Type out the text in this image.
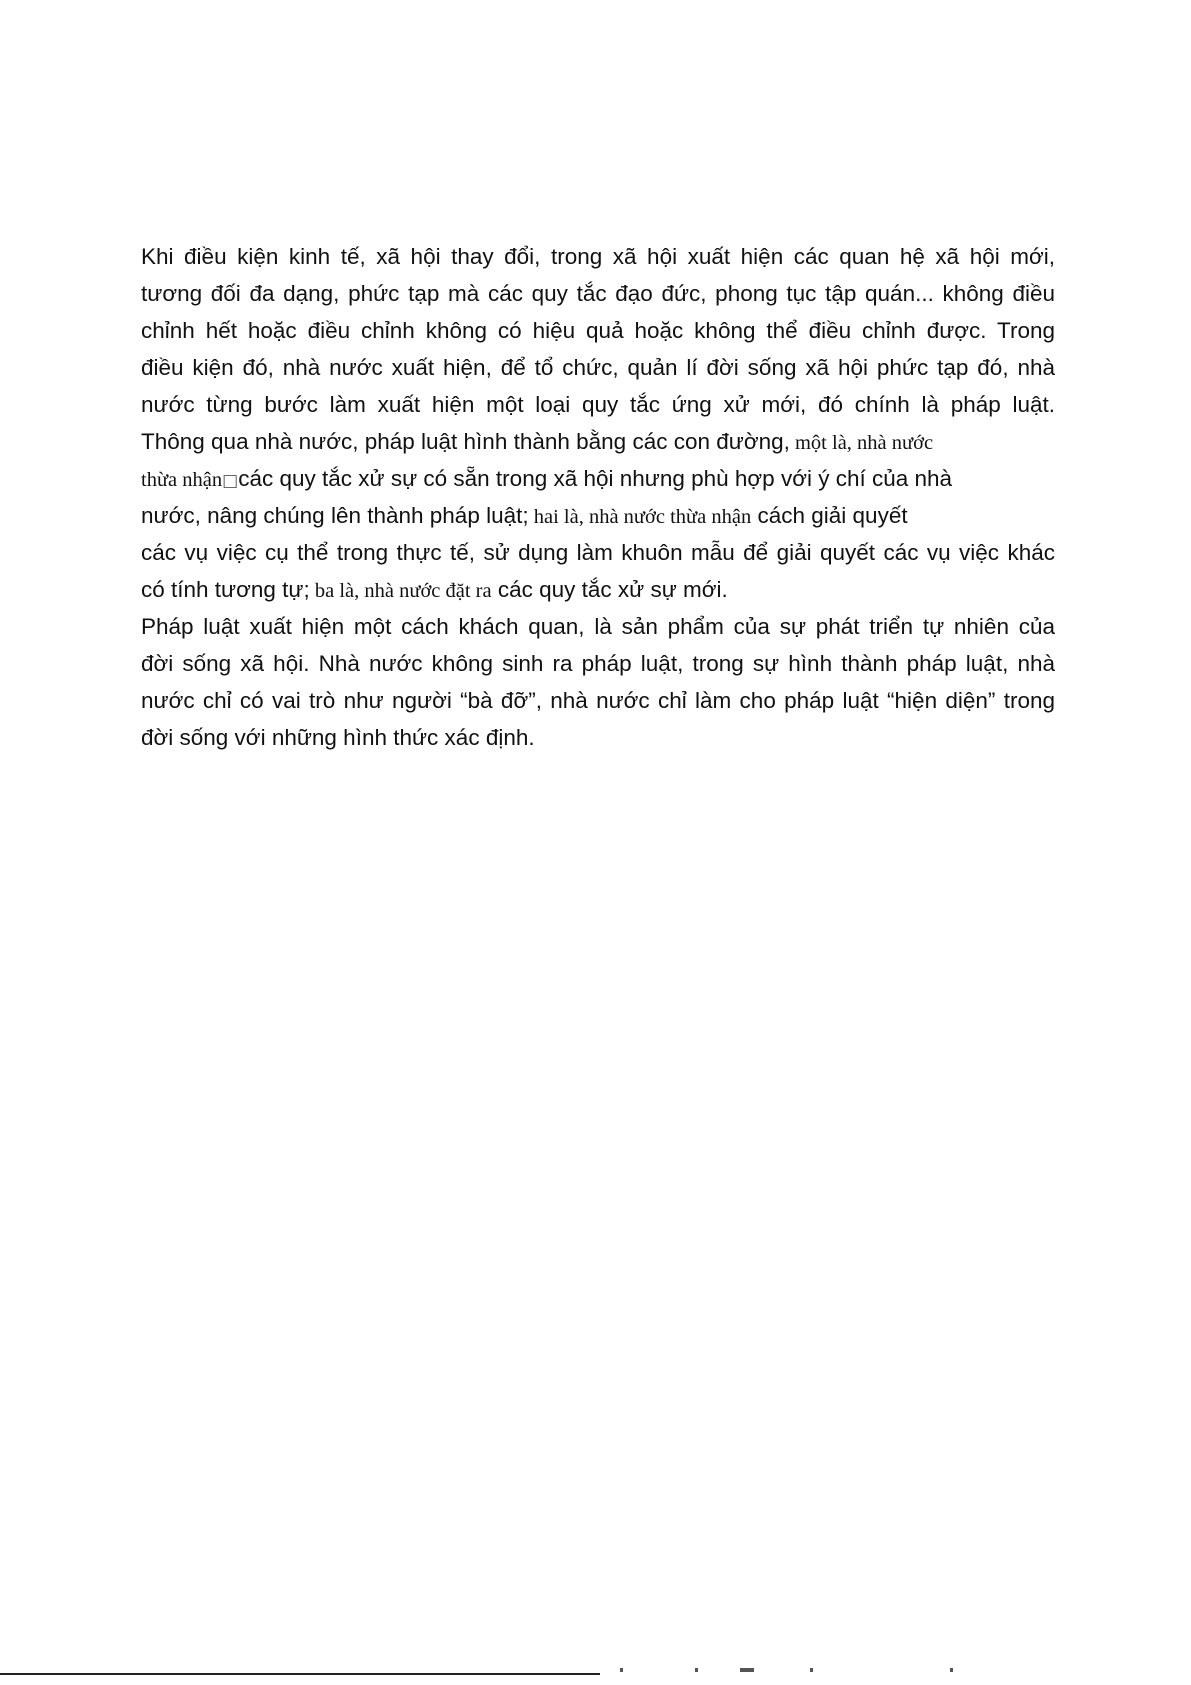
Khi điều kiện kinh tế, xã hội thay đổi, trong xã hội xuất hiện các quan hệ xã hội mới,
tương đối đa dạng, phức tạp mà các quy tắc đạo đức, phong tục tập quán... không điều
chỉnh hết hoặc điều chỉnh không có hiệu quả hoặc không thể điều chỉnh được. Trong
điều kiện đó, nhà nước xuất hiện, để tổ chức, quản lí đời sống xã hội phức tạp đó, nhà
nước từng bước làm xuất hiện một loại quy tắc ứng xử mới, đó chính là pháp luật.
Thông qua nhà nước, pháp luật hình thành bằng các con đường, một là, nhà nước
thừa nhận□các quy tắc xử sự có sẵn trong xã hội nhưng phù hợp với ý chí của nhà
nước, nâng chúng lên thành pháp luật; hai là, nhà nước thừa nhận cách giải quyết
các vụ việc cụ thể trong thực tế, sử dụng làm khuôn mẫu để giải quyết các vụ việc khác
có tính tương tự; ba là, nhà nước đặt ra các quy tắc xử sự mới.
Pháp luật xuất hiện một cách khách quan, là sản phẩm của sự phát triển tự nhiên của
đời sống xã hội. Nhà nước không sinh ra pháp luật, trong sự hình thành pháp luật, nhà
nước chỉ có vai trò như người “bà đỡ”, nhà nước chỉ làm cho pháp luật “hiện diện” trong
đời sống với những hình thức xác định.
